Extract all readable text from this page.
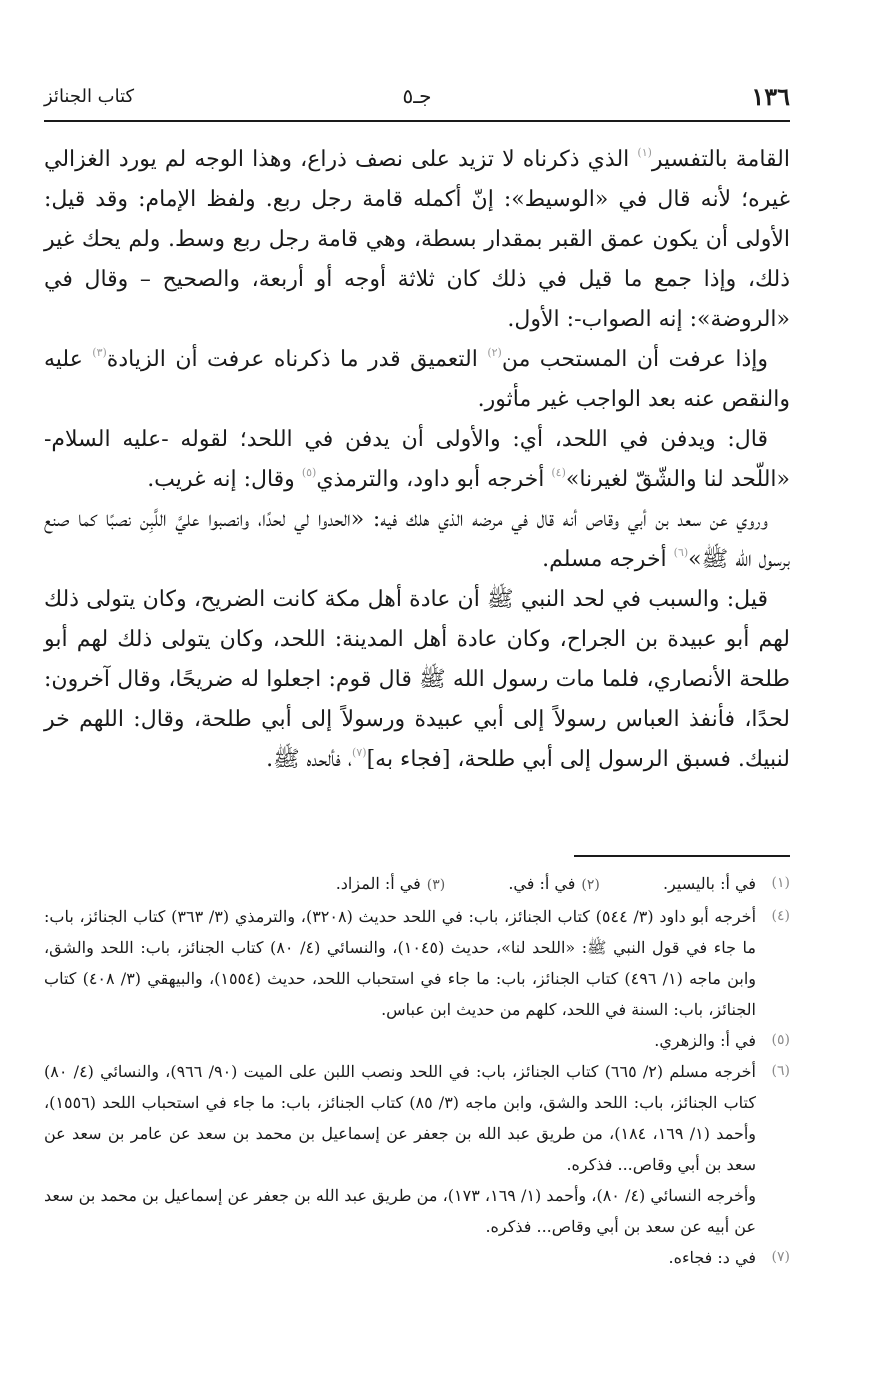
١٣٦
جـ٥
كتاب الجنائز

القامة بالتفسير$^{(١)}$ الذي ذكرناه لا تزيد على نصف ذراع، وهذا الوجه لم يورد الغزالي غيره؛ لأنه قال في «الوسيط»: إنّ أكمله قامة رجل ربع. ولفظ الإمام: وقد قيل: الأولى أن يكون عمق القبر بمقدار بسطة، وهي قامة رجل ربع وسط. ولم يحك غير ذلك، وإذا جمع ما قيل في ذلك كان ثلاثة أوجه أو أربعة، والصحيح – وقال في «الروضة»: إنه الصواب-: الأول.

وإذا عرفت أن المستحب من$^{(٢)}$ التعميق قدر ما ذكرناه عرفت أن الزيادة$^{(٣)}$ عليه والنقص عنه بعد الواجب غير مأثور.

قال: ويدفن في اللحد، أي: والأولى أن يدفن في اللحد؛ لقوله -عليه السلام- «اللّحد لنا والشّقّ لغيرنا»$^{(٤)}$ أخرجه أبو داود، والترمذي$^{(٥)}$ وقال: إنه غريب.

وروي عن سعد بن أبي وقاص أنه قال في مرضه الذي هلك فيه: «الحدوا لي لحدًا، وانصبوا عليَّ اللَّبِن نصبًا كما صنع برسول الله ﷺ»$^{(٦)}$ أخرجه مسلم.

قيل: والسبب في لحد النبي ﷺ أن عادة أهل مكة كانت الضريح، وكان يتولى ذلك لهم أبو عبيدة بن الجراح، وكان عادة أهل المدينة: اللحد، وكان يتولى ذلك لهم أبو طلحة الأنصاري، فلما مات رسول الله ﷺ قال قوم: اجعلوا له ضريحًا، وقال آخرون: لحدًا، فأنفذ العباس رسولاً إلى أبي عبيدة ورسولاً إلى أبي طلحة، وقال: اللهم خر لنبيك. فسبق الرسول إلى أبي طلحة، [فجاء به]$^{(٧)}$، فألحده ﷺ.

(١)
في أ: باليسير. (٢)في أ: في. (٣)في أ: المزاد.
(٤)
أخرجه أبو داود (٣/ ٥٤٤) كتاب الجنائز، باب: في اللحد حديث (٣٢٠٨)، والترمذي (٣/ ٣٦٣) كتاب الجنائز، باب: ما جاء في قول النبي ﷺ: «اللحد لنا»، حديث (١٠٤٥)، والنسائي (٤/ ٨٠) كتاب الجنائز، باب: اللحد والشق، وابن ماجه (١/ ٤٩٦) كتاب الجنائز، باب: ما جاء في استحباب اللحد، حديث (١٥٥٤)، والبيهقي (٣/ ٤٠٨) كتاب الجنائز، باب: السنة في اللحد، كلهم من حديث ابن عباس.
(٥)
في أ: والزهري.
(٦)
أخرجه مسلم (٢/ ٦٦٥) كتاب الجنائز، باب: في اللحد ونصب اللبن على الميت (٩٠/ ٩٦٦)، والنسائي (٤/ ٨٠) كتاب الجنائز، باب: اللحد والشق، وابن ماجه (٣/ ٨٥) كتاب الجنائز، باب: ما جاء في استحباب اللحد (١٥٥٦)، وأحمد (١/ ١٦٩، ١٨٤)، من طريق عبد الله بن جعفر عن إسماعيل بن محمد بن سعد عن عامر بن سعد عن سعد بن أبي وقاص... فذكره.
وأخرجه النسائي (٤/ ٨٠)، وأحمد (١/ ١٦٩، ١٧٣)، من طريق عبد الله بن جعفر عن إسماعيل بن محمد بن سعد عن أبيه عن سعد بن أبي وقاص... فذكره.
(٧)
في د: فجاءه.
